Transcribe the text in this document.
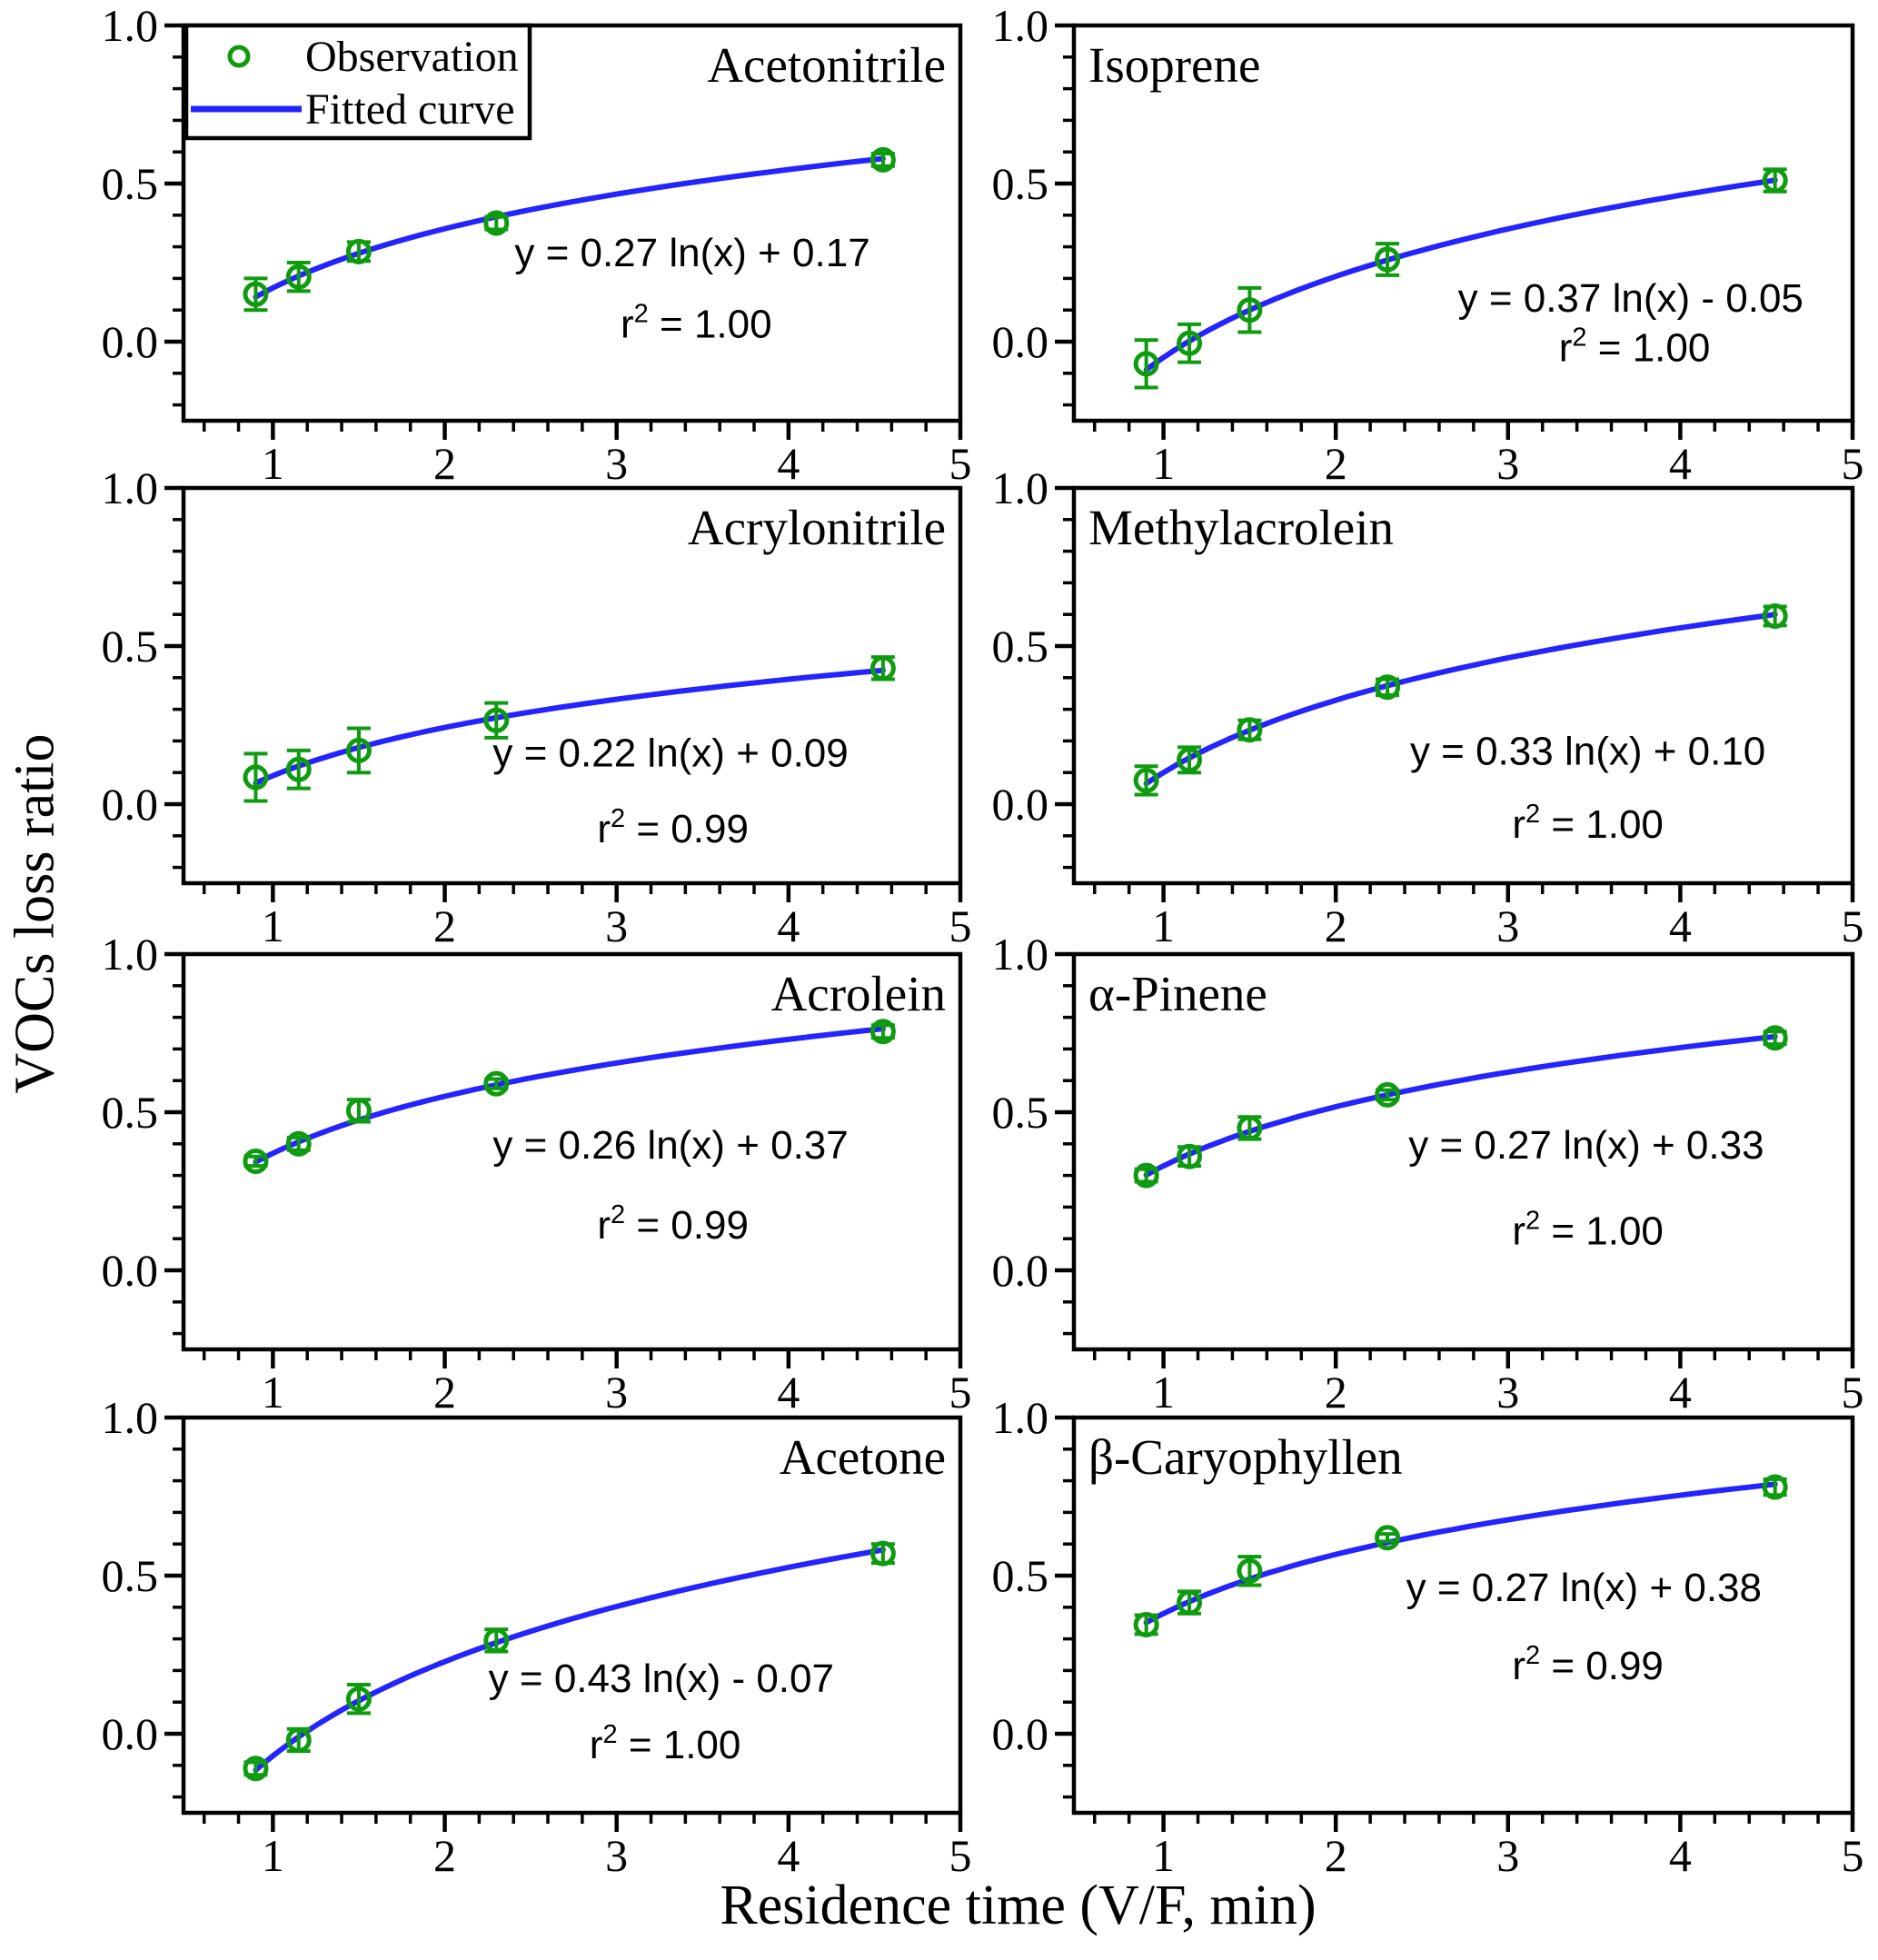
1	2	3	4	5
0.0
0.5
1.0
Acetonitrile
y = 0.27 ln(x) + 0.17
$r^2 = 1.00$
Observation
Fitted curve
1	2	3	4	5
0.0
0.5
1.0
Isoprene
y = 0.37 ln(x) - 0.05
$r^2 = 1.00$
1	2	3	4	5
0.0
0.5
1.0
Acrylonitrile
y = 0.22 ln(x) + 0.09
$r^2 = 0.99$
1	2	3	4	5
0.0
0.5
1.0
Methylacrolein
y = 0.33 ln(x) + 0.10
$r^2 = 1.00$
1	2	3	4	5
0.0
0.5
1.0
Acrolein
y = 0.26 ln(x) + 0.37
$r^2 = 0.99$
1	2	3	4	5
0.0
0.5
1.0
α-Pinene
y = 0.27 ln(x) + 0.33
$r^2 = 1.00$
1	2	3	4	5
0.0
0.5
1.0
Acetone
y = 0.43 ln(x) - 0.07
$r^2 = 1.00$
1	2	3	4	5
0.0
0.5
1.0
β-Caryophyllen
y = 0.27 ln(x) + 0.38
$r^2 = 0.99$
VOCs loss ratio
Residence time (V/F, min)
